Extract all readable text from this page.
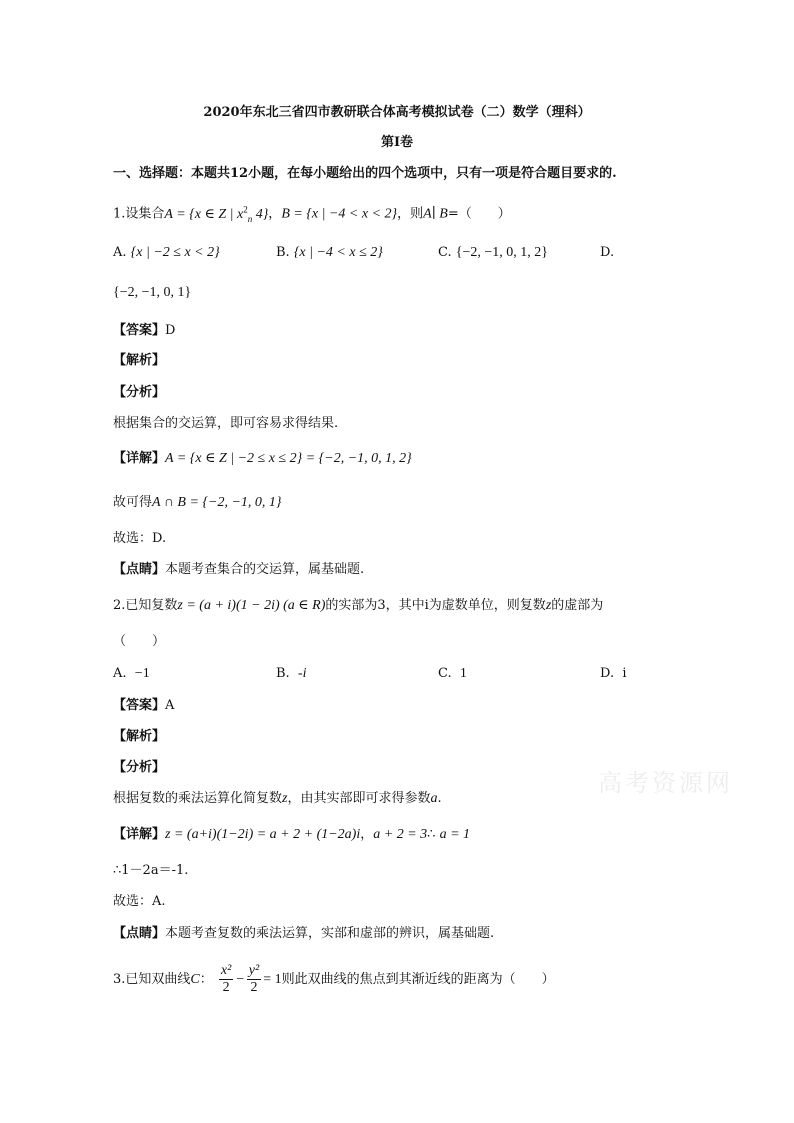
2020年东北三省四市教研联合体高考模拟试卷（二）数学（理科）
第Ⅰ卷
一、选择题：本题共12小题，在每小题给出的四个选项中，只有一项是符合题目要求的.
1.设集合A = {x ∈ Z | $x^2_n$ 4}，B = {x | −4 < x < 2}，则A∣ B=（　　）
A. {x | −2 ≤ x < 2}	B. {x | −4 < x ≤ 2}	C. {−2, −1, 0, 1, 2}	D.
{−2, −1, 0, 1}
【答案】D
【解析】
【分析】
根据集合的交运算，即可容易求得结果.
【详解】A = {x ∈ Z | −2 ≤ x ≤ 2} = {−2, −1, 0, 1, 2}
故可得A ∩ B = {−2, −1, 0, 1}
故选：D.
【点睛】本题考查集合的交运算，属基础题.
2.已知复数z = (a + i)(1 − 2i) (a ∈ R)的实部为3，其中i为虚数单位，则复数z的虚部为
（　　）
A. −1	B. -i	C. 1	D. i
【答案】A
【解析】
【分析】
根据复数的乘法运算化简复数z，由其实部即可求得参数a.
【详解】z = (a+i)(1−2i) = a + 2 + (1−2a)i，a + 2 = 3∴ a = 1
∴1－2a＝-1.
故选：A.
【点睛】本题考查复数的乘法运算，实部和虚部的辨识，属基础题.
3.已知双曲线C： $\frac{\text{x²}}{2} - \frac{\text{y²}}{2} = 1$则此双曲线的焦点到其渐近线的距离为（　　）
高考资源网
